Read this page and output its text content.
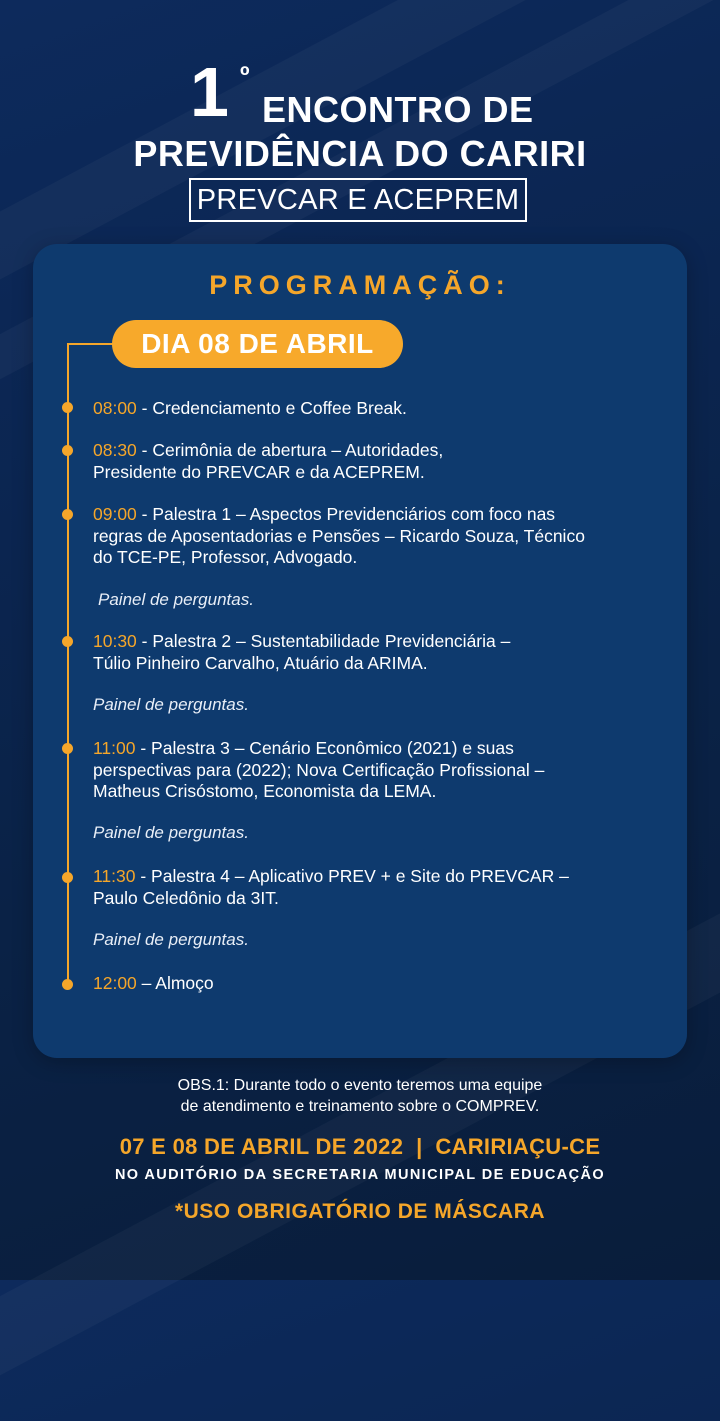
1 º
ENCONTRO DE
PREVIDÊNCIA DO CARIRI
PREVCAR E ACEPREM
PROGRAMAÇÃO:
DIA 08 DE ABRIL
08:00 - Credenciamento e Coffee Break.
08:30 - Cerimônia de abertura – Autoridades,
Presidente do PREVCAR e da ACEPREM.
09:00 - Palestra 1 – Aspectos Previdenciários com foco nas
regras de Aposentadorias e Pensões – Ricardo Souza, Técnico
do TCE-PE, Professor, Advogado.
Painel de perguntas.
10:30 - Palestra 2 – Sustentabilidade Previdenciária –
Túlio Pinheiro Carvalho, Atuário da ARIMA.
Painel de perguntas.
11:00 - Palestra 3 – Cenário Econômico (2021) e suas
perspectivas para (2022); Nova Certificação Profissional –
Matheus Crisóstomo, Economista da LEMA.
Painel de perguntas.
11:30 - Palestra 4 – Aplicativo PREV + e Site do PREVCAR –
Paulo Celedônio da 3IT.
Painel de perguntas.
12:00 – Almoço
OBS.1: Durante todo o evento teremos uma equipe
de atendimento e treinamento sobre o COMPREV.
07 E 08 DE ABRIL DE 2022  |  CARIRIAÇU-CE
NO AUDITÓRIO DA SECRETARIA MUNICIPAL DE EDUCAÇÃO
*USO OBRIGATÓRIO DE MÁSCARA
